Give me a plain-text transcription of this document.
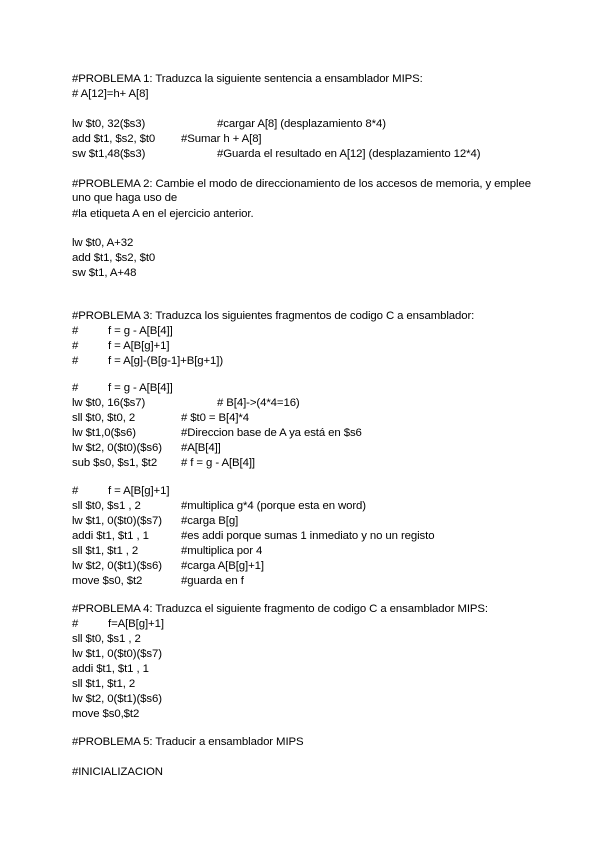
#PROBLEMA 1: Traduzca la siguiente sentencia a ensamblador MIPS:
# A[12]=h+ A[8]
lw $t0, 32($s3)	#cargar A[8] (desplazamiento 8*4)
add $t1, $s2, $t0 #Sumar h + A[8]
sw $t1,48($s3)	#Guarda el resultado en A[12] (desplazamiento 12*4)
#PROBLEMA 2: Cambie el modo de direccionamiento de los accesos de memoria, y emplee uno que haga uso de
#la etiqueta A en el ejercicio anterior.
lw $t0, A+32
add $t1, $s2, $t0
sw $t1, A+48
#PROBLEMA 3: Traduzca los siguientes fragmentos de codigo C a ensamblador:
#	f = g - A[B[4]]
#	f = A[B[g]+1]
#	f = A[g]-(B[g-1]+B[g+1])
#	f = g - A[B[4]]
lw $t0, 16($s7)	# B[4]->(4*4=16)
sll $t0, $t0, 2	# $t0 = B[4]*4
lw $t1,0($s6)	#Direccion base de A ya está en $s6
lw $t2, 0($t0)($s6) #A[B[4]]
sub $s0, $s1, $t2 # f = g - A[B[4]]
#	f = A[B[g]+1]
sll $t0, $s1 , 2	#multiplica g*4 (porque esta en word)
lw $t1, 0($t0)($s7) #carga B[g]
addi $t1, $t1 , 1	#es addi porque sumas 1 inmediato y no un registo
sll $t1, $t1 , 2	#multiplica por 4
lw $t2, 0($t1)($s6) #carga A[B[g]+1]
move $s0, $t2	#guarda en f
#PROBLEMA 4: Traduzca el siguiente fragmento de codigo C a ensamblador MIPS:
#	f=A[B[g]+1]
sll $t0, $s1 , 2
lw $t1, 0($t0)($s7)
addi $t1, $t1 , 1
sll $t1, $t1, 2
lw $t2, 0($t1)($s6)
move $s0,$t2
#PROBLEMA 5: Traducir a ensamblador MIPS
#INICIALIZACION
